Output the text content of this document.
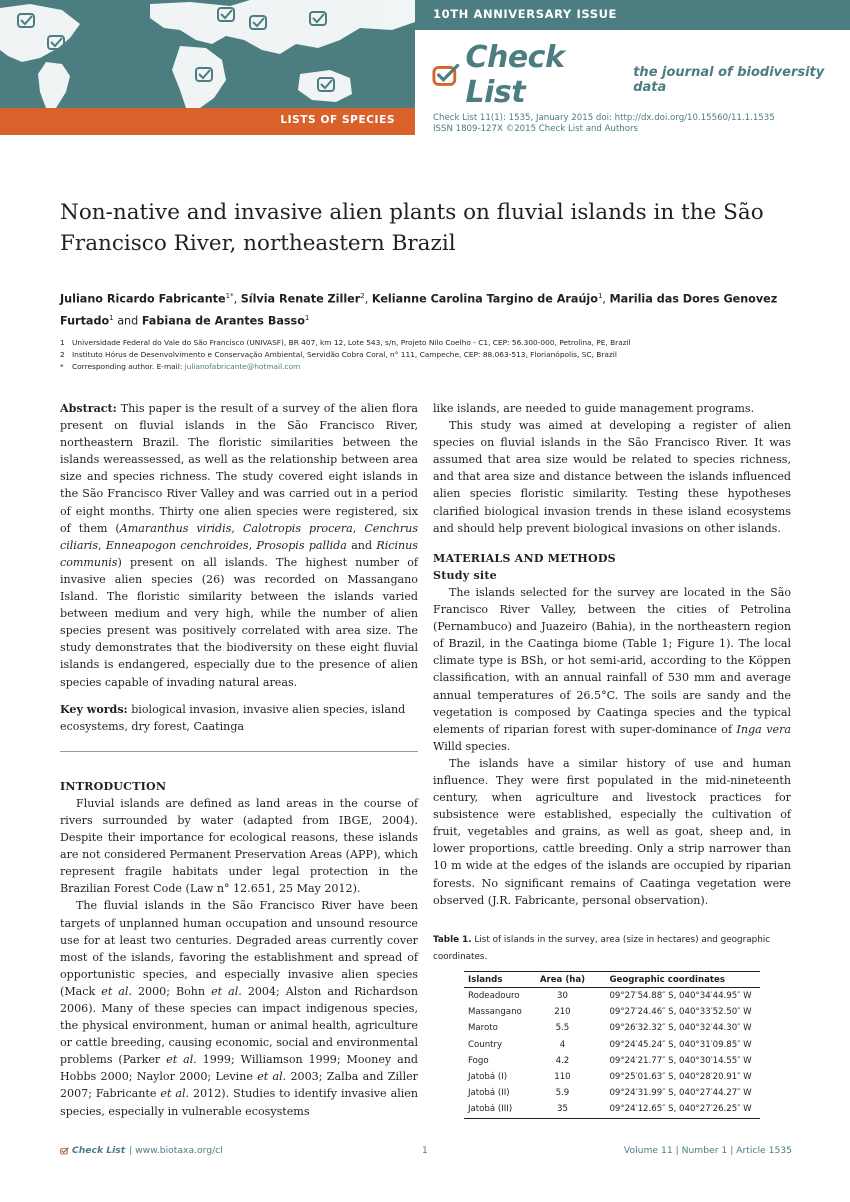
10TH ANNIVERSARY ISSUE
Check List
the journal of biodiversity data
LISTS OF SPECIES	Check List 11(1): 1535, January 2015 doi: http://dx.doi.org/10.15560/11.1.1535
ISSN 1809-127X ©2015 Check List and Authors
Non-native and invasive alien plants on fluvial islands in the São Francisco River, northeastern Brazil
Juliano Ricardo Fabricante$^{1*}$, Sílvia Renate Ziller$^2$, Kelianne Carolina Targino de Araújo$^1$, Marilia das Dores Genovez Furtado$^1$ and Fabiana de Arantes Basso$^1$
1 Universidade Federal do Vale do São Francisco (UNIVASF), BR 407, km 12, Lote 543, s/n, Projeto Nilo Coelho - C1, CEP: 56.300-000, Petrolina, PE, Brazil
2 Instituto Hórus de Desenvolvimento e Conservação Ambiental, Servidão Cobra Coral, n° 111, Campeche, CEP: 88.063-513, Florianópolis, SC, Brazil
* Corresponding author. E-mail: julianofabricante@hotmail.com

Abstract: This paper is the result of a survey of the alien flora present on fluvial islands in the São Francisco River, northeastern Brazil. The floristic similarities between the islands wereassessed, as well as the relationship between area size and species richness. The study covered eight islands in the São Francisco River Valley and was carried out in a period of eight months. Thirty one alien species were registered, six of them (Amaranthus viridis, Calotropis procera, Cenchrus ciliaris, Enneapogon cenchroides, Prosopis pallida and Ricinus communis) present on all islands. The highest number of invasive alien species (26) was recorded on Massangano Island. The floristic similarity between the islands varied between medium and very high, while the number of alien species present was positively correlated with area size. The study demonstrates that the biodiversity on these eight fluvial islands is endangered, especially due to the presence of alien species capable of invading natural areas.

Key words: biological invasion, invasive alien species, island ecosystems, dry forest, Caatinga

INTRODUCTION

Fluvial islands are defined as land areas in the course of rivers surrounded by water (adapted from IBGE, 2004). Despite their importance for ecological reasons, these islands are not considered Permanent Preservation Areas (APP), which represent fragile habitats under legal protection in the Brazilian Forest Code (Law n° 12.651, 25 May 2012).

The fluvial islands in the São Francisco River have been targets of unplanned human occupation and unsound resource use for at least two centuries. Degraded areas currently cover most of the islands, favoring the establishment and spread of opportunistic species, and especially invasive alien species (Mack et al. 2000; Bohn et al. 2004; Alston and Richardson 2006). Many of these species can impact indigenous species, the physical environment, human or animal health, agriculture or cattle breeding, causing economic, social and environmental problems (Parker et al. 1999; Williamson 1999; Mooney and Hobbs 2000; Naylor 2000; Levine et al. 2003; Zalba and Ziller 2007; Fabricante et al. 2012). Studies to identify invasive alien species, especially in vulnerable ecosystems

like islands, are needed to guide management programs.

This study was aimed at developing a register of alien species on fluvial islands in the São Francisco River. It was assumed that area size would be related to species richness, and that area size and distance between the islands influenced alien species floristic similarity. Testing these hypotheses clarified biological invasion trends in these island ecosystems and should help prevent biological invasions on other islands.

MATERIALS AND METHODS

Study site

The islands selected for the survey are located in the São Francisco River Valley, between the cities of Petrolina (Pernambuco) and Juazeiro (Bahia), in the northeastern region of Brazil, in the Caatinga biome (Table 1; Figure 1). The local climate type is BSh, or hot semi-arid, according to the Köppen classification, with an annual rainfall of 530 mm and average annual temperatures of 26.5°C. The soils are sandy and the vegetation is composed by Caatinga species and the typical elements of riparian forest with super-dominance of Inga vera Willd species.

The islands have a similar history of use and human influence. They were first populated in the mid-nineteenth century, when agriculture and livestock practices for subsistence were established, especially the cultivation of fruit, vegetables and grains, as well as goat, sheep and, in lower proportions, cattle breeding. Only a strip narrower than 10 m wide at the edges of the islands are occupied by riparian forests. No significant remains of Caatinga vegetation were observed (J.R. Fabricante, personal observation).

Table 1. List of islands in the survey, area (size in hectares) and geographic coordinates.
Islands	Area (ha)	Geographic coordinates
Rodeadouro	30	09°27′54.88″ S, 040°34′44.95″ W
Massangano	210	09°27′24.46″ S, 040°33′52.50″ W
Maroto	5.5	09°26′32.32″ S, 040°32′44.30″ W
Country	4	09°24′45.24″ S, 040°31′09.85″ W
Fogo	4.2	09°24′21.77″ S, 040°30′14.55″ W
Jatobá (I)	110	09°25′01.63″ S, 040°28′20.91″ W
Jatobá (II)	5.9	09°24′31.99″ S, 040°27′44.27″ W
Jatobá (III)	35	09°24′12.65″ S, 040°27′26.25″ W
Check List | www.biotaxa.org/cl	1	Volume 11 | Number 1 | Article 1535
